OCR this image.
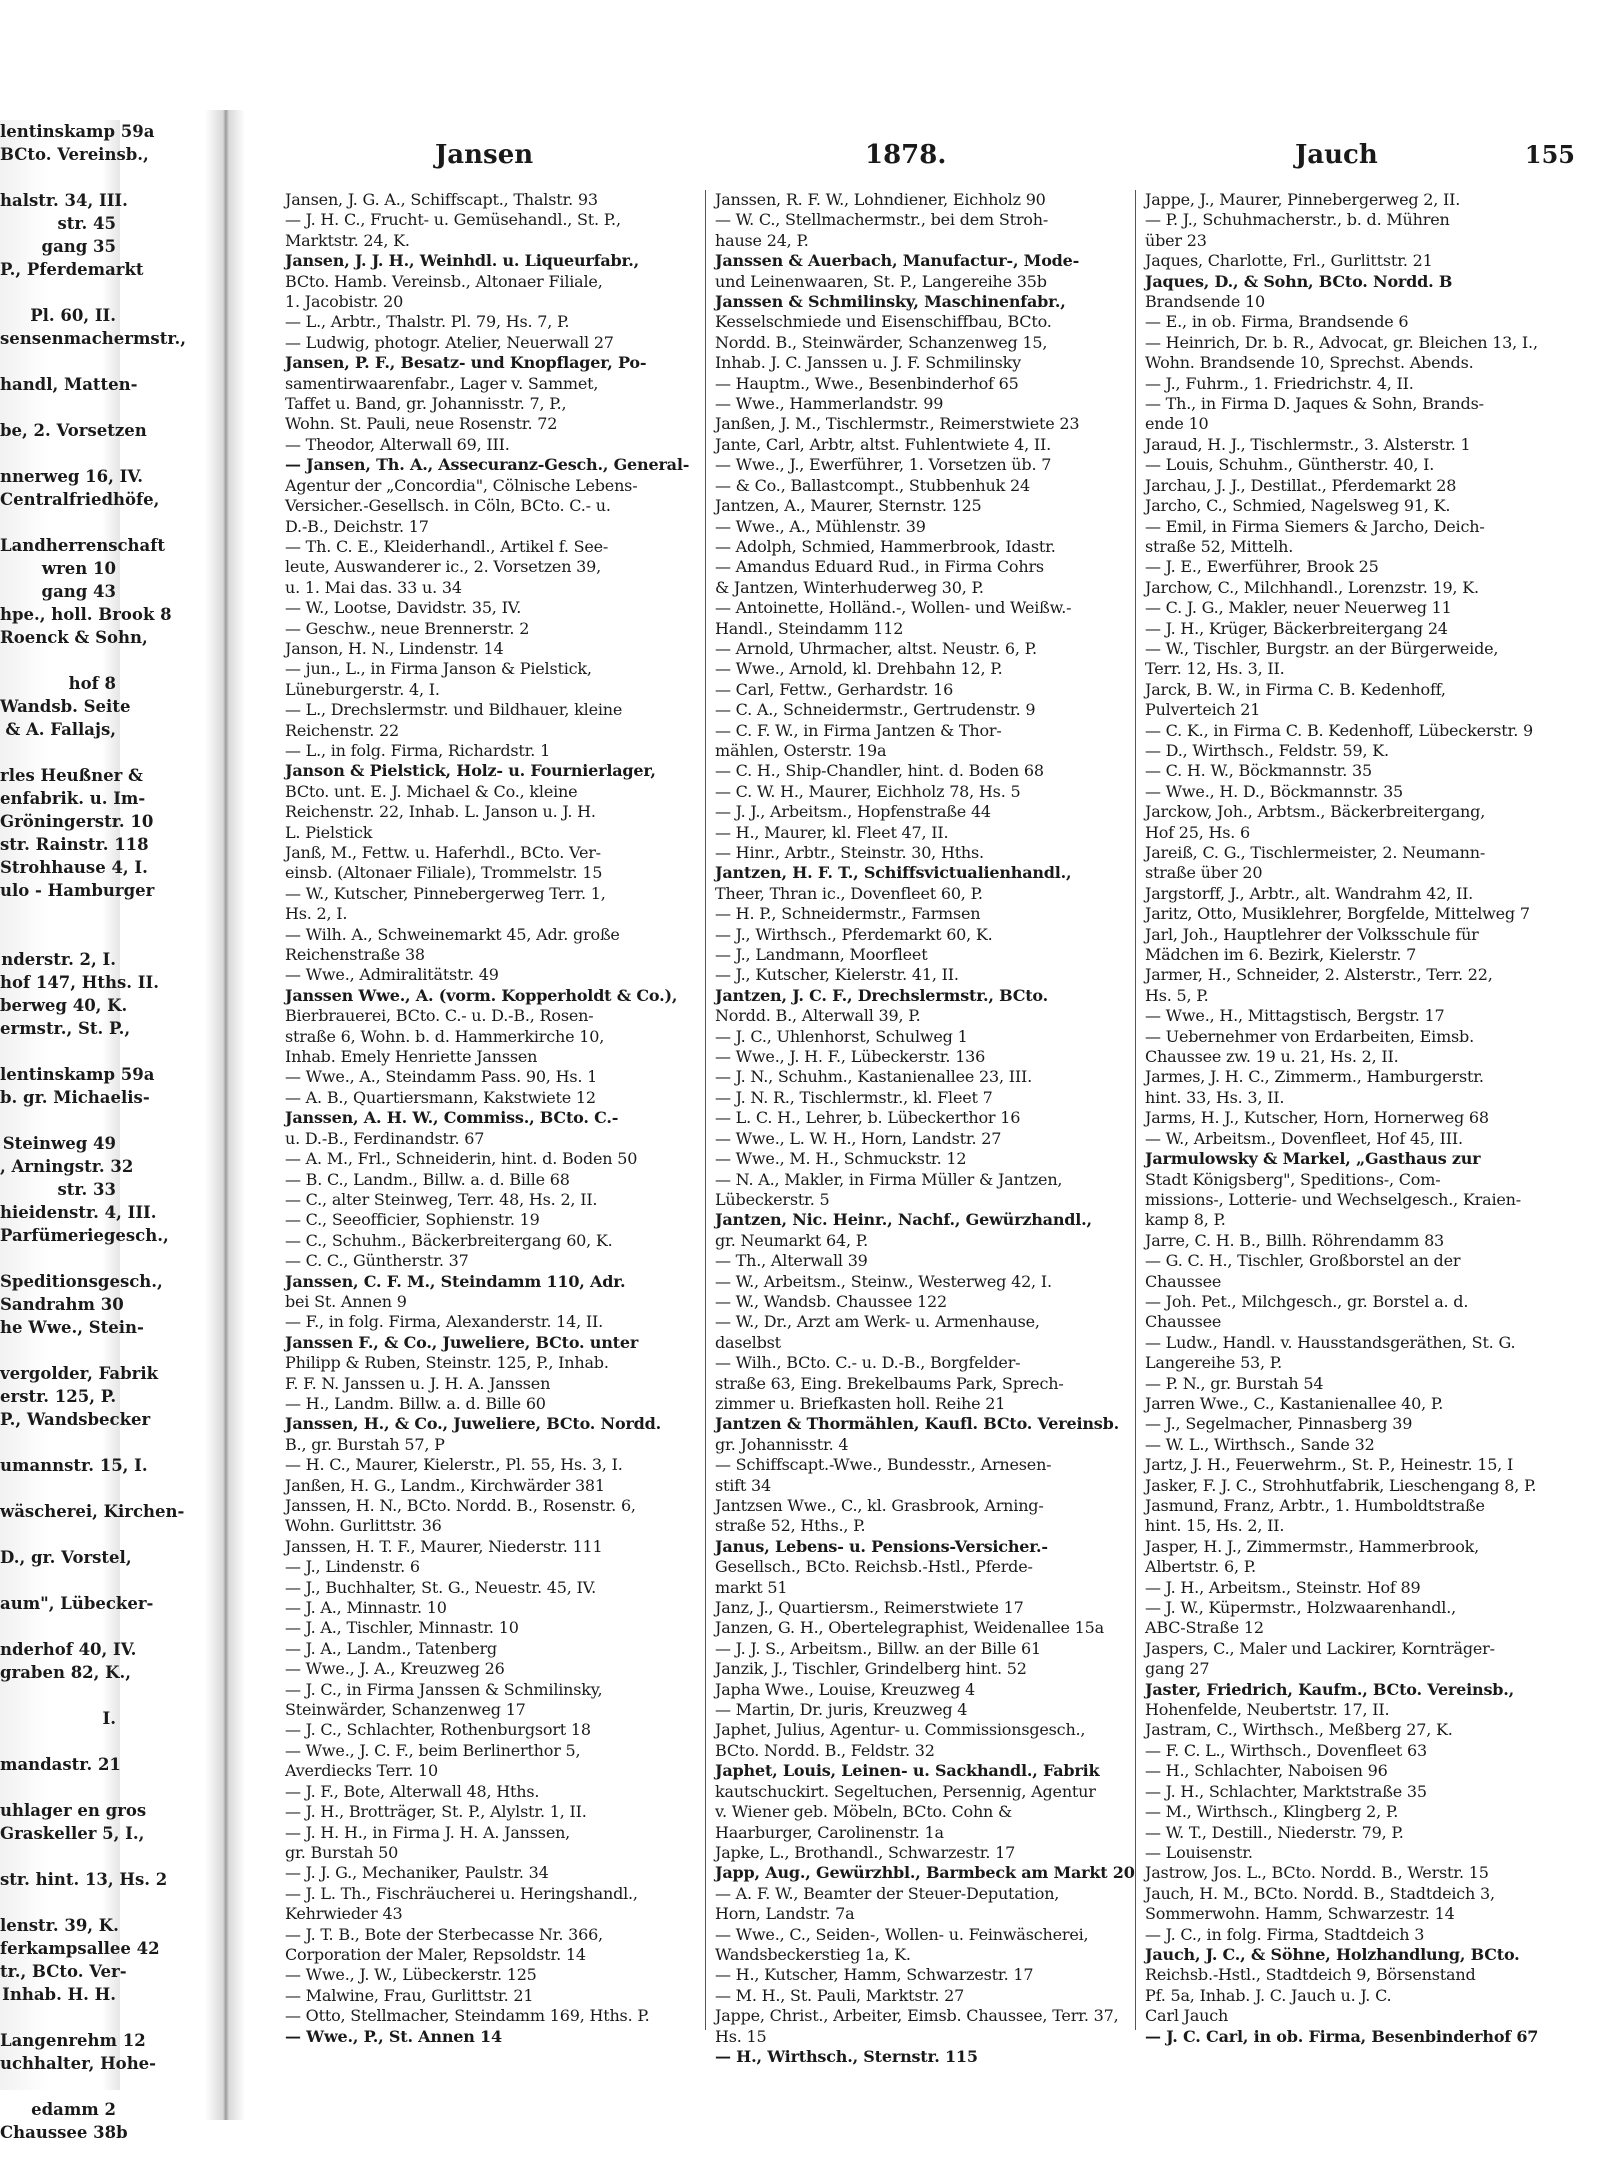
lentinskamp 59a
BCto. Vereinsb.,

halstr. 34, III.
str. 45
gang 35
P., Pferdemarkt

Pl. 60, II.
sensenmachermstr.,

handl, Matten-

be, 2. Vorsetzen

nnerweg 16, IV.
Centralfriedhöfe,

Landherrenschaft
wren 10
gang 43
hpe., holl. Brook 8
Roenck & Sohn,

hof 8
Wandsb. Seite
& A. Fallajs,

rles Heußner &
enfabrik. u. Im-
Gröningerstr. 10
str. Rainstr. 118
Strohhause 4, I.
ulo - Hamburger

nderstr. 2, I.
hof 147, Hths. II.
berweg 40, K.
ermstr., St. P.,

lentinskamp 59a
b. gr. Michaelis-

Steinweg 49
, Arningstr. 32
str. 33
hieidenstr. 4, III.
Parfümeriegesch.,

Speditionsgesch.,
Sandrahm 30
he Wwe., Stein-

vergolder, Fabrik
erstr. 125, P.
P., Wandsbecker

umannstr. 15, I.

wäscherei, Kirchen-

D., gr. Vorstel,

aum", Lübecker-

nderhof 40, IV.
graben 82, K.,

I.

mandastr. 21

uhlager en gros
Graskeller 5, I.,

str. hint. 13, Hs. 2

lenstr. 39, K.
ferkampsallee 42
tr., BCto. Ver-
Inhab. H. H.

Langenrehm 12
uchhalter, Hohe-

edamm 2
Chaussee 38b
Jansen	1878.	Jauch	155
Jansen, J. G. A., Schiffscapt., Thalstr. 93
— J. H. C., Frucht- u. Gemüsehandl., St. P.,
Marktstr. 24, K.
Jansen, J. J. H., Weinhdl. u. Liqueurfabr.,
BCto. Hamb. Vereinsb., Altonaer Filiale,
1. Jacobistr. 20
— L., Arbtr., Thalstr. Pl. 79, Hs. 7, P.
— Ludwig, photogr. Atelier, Neuerwall 27
Jansen, P. F., Besatz- und Knopflager, Po-
samentirwaarenfabr., Lager v. Sammet,
Taffet u. Band, gr. Johannisstr. 7, P.,
Wohn. St. Pauli, neue Rosenstr. 72
— Theodor, Alterwall 69, III.
— Jansen, Th. A., Assecuranz-Gesch., General-
Agentur der „Concordia", Cölnische Lebens-
Versicher.-Gesellsch. in Cöln, BCto. C.- u.
D.-B., Deichstr. 17
— Th. C. E., Kleiderhandl., Artikel f. See-
leute, Auswanderer ic., 2. Vorsetzen 39,
u. 1. Mai das. 33 u. 34
— W., Lootse, Davidstr. 35, IV.
— Geschw., neue Brennerstr. 2
Janson, H. N., Lindenstr. 14
— jun., L., in Firma Janson & Pielstick,
Lüneburgerstr. 4, I.
— L., Drechslermstr. und Bildhauer, kleine
Reichenstr. 22
— L., in folg. Firma, Richardstr. 1
Janson & Pielstick, Holz- u. Fournierlager,
BCto. unt. E. J. Michael & Co., kleine
Reichenstr. 22, Inhab. L. Janson u. J. H.
L. Pielstick
Janß, M., Fettw. u. Haferhdl., BCto. Ver-
einsb. (Altonaer Filiale), Trommelstr. 15
— W., Kutscher, Pinnebergerweg Terr. 1,
Hs. 2, I.
— Wilh. A., Schweinemarkt 45, Adr. große
Reichenstraße 38
— Wwe., Admiralitätstr. 49
Janssen Wwe., A. (vorm. Kopperholdt & Co.),
Bierbrauerei, BCto. C.- u. D.-B., Rosen-
straße 6, Wohn. b. d. Hammerkirche 10,
Inhab. Emely Henriette Janssen
— Wwe., A., Steindamm Pass. 90, Hs. 1
— A. B., Quartiersmann, Kakstwiete 12
Janssen, A. H. W., Commiss., BCto. C.-
u. D.-B., Ferdinandstr. 67
— A. M., Frl., Schneiderin, hint. d. Boden 50
— B. C., Landm., Billw. a. d. Bille 68
— C., alter Steinweg, Terr. 48, Hs. 2, II.
— C., Seeofficier, Sophienstr. 19
— C., Schuhm., Bäckerbreitergang 60, K.
— C. C., Güntherstr. 37
Janssen, C. F. M., Steindamm 110, Adr.
bei St. Annen 9
— F., in folg. Firma, Alexanderstr. 14, II.
Janssen F., & Co., Juweliere, BCto. unter
Philipp & Ruben, Steinstr. 125, P., Inhab.
F. F. N. Janssen u. J. H. A. Janssen
— H., Landm. Billw. a. d. Bille 60
Janssen, H., & Co., Juweliere, BCto. Nordd.
B., gr. Burstah 57, P
— H. C., Maurer, Kielerstr., Pl. 55, Hs. 3, I.
Janßen, H. G., Landm., Kirchwärder 381
Janssen, H. N., BCto. Nordd. B., Rosenstr. 6,
Wohn. Gurlittstr. 36
Janssen, H. T. F., Maurer, Niederstr. 111
— J., Lindenstr. 6
— J., Buchhalter, St. G., Neuestr. 45, IV.
— J. A., Minnastr. 10
— J. A., Tischler, Minnastr. 10
— J. A., Landm., Tatenberg
— Wwe., J. A., Kreuzweg 26
— J. C., in Firma Janssen & Schmilinsky,
Steinwärder, Schanzenweg 17
— J. C., Schlachter, Rothenburgsort 18
— Wwe., J. C. F., beim Berlinerthor 5,
Averdiecks Terr. 10
— J. F., Bote, Alterwall 48, Hths.
— J. H., Brotträger, St. P., Alylstr. 1, II.
— J. H. H., in Firma J. H. A. Janssen,
gr. Burstah 50
— J. J. G., Mechaniker, Paulstr. 34
— J. L. Th., Fischräucherei u. Heringshandl.,
Kehrwieder 43
— J. T. B., Bote der Sterbecasse Nr. 366,
Corporation der Maler, Repsoldstr. 14
— Wwe., J. W., Lübeckerstr. 125
— Malwine, Frau, Gurlittstr. 21
— Otto, Stellmacher, Steindamm 169, Hths. P.
— Wwe., P., St. Annen 14
Janssen, R. F. W., Lohndiener, Eichholz 90
— W. C., Stellmachermstr., bei dem Stroh-
hause 24, P.
Janssen & Auerbach, Manufactur-, Mode-
und Leinenwaaren, St. P., Langereihe 35b
Janssen & Schmilinsky, Maschinenfabr.,
Kesselschmiede und Eisenschiffbau, BCto.
Nordd. B., Steinwärder, Schanzenweg 15,
Inhab. J. C. Janssen u. J. F. Schmilinsky
— Hauptm., Wwe., Besenbinderhof 65
— Wwe., Hammerlandstr. 99
Janßen, J. M., Tischlermstr., Reimerstwiete 23
Jante, Carl, Arbtr, altst. Fuhlentwiete 4, II.
— Wwe., J., Ewerführer, 1. Vorsetzen üb. 7
— & Co., Ballastcompt., Stubbenhuk 24
Jantzen, A., Maurer, Sternstr. 125
— Wwe., A., Mühlenstr. 39
— Adolph, Schmied, Hammerbrook, Idastr.
— Amandus Eduard Rud., in Firma Cohrs
& Jantzen, Winterhuderweg 30, P.
— Antoinette, Holländ.-, Wollen- und Weißw.-
Handl., Steindamm 112
— Arnold, Uhrmacher, altst. Neustr. 6, P.
— Wwe., Arnold, kl. Drehbahn 12, P.
— Carl, Fettw., Gerhardstr. 16
— C. A., Schneidermstr., Gertrudenstr. 9
— C. F. W., in Firma Jantzen & Thor-
mählen, Osterstr. 19a
— C. H., Ship-Chandler, hint. d. Boden 68
— C. W. H., Maurer, Eichholz 78, Hs. 5
— J. J., Arbeitsm., Hopfenstraße 44
— H., Maurer, kl. Fleet 47, II.
— Hinr., Arbtr., Steinstr. 30, Hths.
Jantzen, H. F. T., Schiffsvictualienhandl.,
Theer, Thran ic., Dovenfleet 60, P.
— H. P., Schneidermstr., Farmsen
— J., Wirthsch., Pferdemarkt 60, K.
— J., Landmann, Moorfleet
— J., Kutscher, Kielerstr. 41, II.
Jantzen, J. C. F., Drechslermstr., BCto.
Nordd. B., Alterwall 39, P.
— J. C., Uhlenhorst, Schulweg 1
— Wwe., J. H. F., Lübeckerstr. 136
— J. N., Schuhm., Kastanienallee 23, III.
— J. N. R., Tischlermstr., kl. Fleet 7
— L. C. H., Lehrer, b. Lübeckerthor 16
— Wwe., L. W. H., Horn, Landstr. 27
— Wwe., M. H., Schmuckstr. 12
— N. A., Makler, in Firma Müller & Jantzen,
Lübeckerstr. 5
Jantzen, Nic. Heinr., Nachf., Gewürzhandl.,
gr. Neumarkt 64, P.
— Th., Alterwall 39
— W., Arbeitsm., Steinw., Westerweg 42, I.
— W., Wandsb. Chaussee 122
— W., Dr., Arzt am Werk- u. Armenhause,
daselbst
— Wilh., BCto. C.- u. D.-B., Borgfelder-
straße 63, Eing. Brekelbaums Park, Sprech-
zimmer u. Briefkasten holl. Reihe 21
Jantzen & Thormählen, Kaufl. BCto. Vereinsb.
gr. Johannisstr. 4
— Schiffscapt.-Wwe., Bundesstr., Arnesen-
stift 34
Jantzsen Wwe., C., kl. Grasbrook, Arning-
straße 52, Hths., P.
Janus, Lebens- u. Pensions-Versicher.-
Gesellsch., BCto. Reichsb.-Hstl., Pferde-
markt 51
Janz, J., Quartiersm., Reimerstwiete 17
Janzen, G. H., Obertelegraphist, Weidenallee 15a
— J. J. S., Arbeitsm., Billw. an der Bille 61
Janzik, J., Tischler, Grindelberg hint. 52
Japha Wwe., Louise, Kreuzweg 4
— Martin, Dr. juris, Kreuzweg 4
Japhet, Julius, Agentur- u. Commissionsgesch.,
BCto. Nordd. B., Feldstr. 32
Japhet, Louis, Leinen- u. Sackhandl., Fabrik
kautschuckirt. Segeltuchen, Persennig, Agentur
v. Wiener geb. Möbeln, BCto. Cohn &
Haarburger, Carolinenstr. 1a
Japke, L., Brothandl., Schwarzestr. 17
Japp, Aug., Gewürzhbl., Barmbeck am Markt 20
— A. F. W., Beamter der Steuer-Deputation,
Horn, Landstr. 7a
— Wwe., C., Seiden-, Wollen- u. Feinwäscherei,
Wandsbeckerstieg 1a, K.
— H., Kutscher, Hamm, Schwarzestr. 17
— M. H., St. Pauli, Marktstr. 27
Jappe, Christ., Arbeiter, Eimsb. Chaussee, Terr. 37,
Hs. 15
— H., Wirthsch., Sternstr. 115
Jappe, J., Maurer, Pinnebergerweg 2, II.
— P. J., Schuhmacherstr., b. d. Mühren
über 23
Jaques, Charlotte, Frl., Gurlittstr. 21
Jaques, D., & Sohn, BCto. Nordd. B
Brandsende 10
— E., in ob. Firma, Brandsende 6
— Heinrich, Dr. b. R., Advocat, gr. Bleichen 13, I.,
Wohn. Brandsende 10, Sprechst. Abends.
— J., Fuhrm., 1. Friedrichstr. 4, II.
— Th., in Firma D. Jaques & Sohn, Brands-
ende 10
Jaraud, H. J., Tischlermstr., 3. Alsterstr. 1
— Louis, Schuhm., Güntherstr. 40, I.
Jarchau, J. J., Destillat., Pferdemarkt 28
Jarcho, C., Schmied, Nagelsweg 91, K.
— Emil, in Firma Siemers & Jarcho, Deich-
straße 52, Mittelh.
— J. E., Ewerführer, Brook 25
Jarchow, C., Milchhandl., Lorenzstr. 19, K.
— C. J. G., Makler, neuer Neuerweg 11
— J. H., Krüger, Bäckerbreitergang 24
— W., Tischler, Burgstr. an der Bürgerweide,
Terr. 12, Hs. 3, II.
Jarck, B. W., in Firma C. B. Kedenhoff,
Pulverteich 21
— C. K., in Firma C. B. Kedenhoff, Lübeckerstr. 9
— D., Wirthsch., Feldstr. 59, K.
— C. H. W., Böckmannstr. 35
— Wwe., H. D., Böckmannstr. 35
Jarckow, Joh., Arbtsm., Bäckerbreitergang,
Hof 25, Hs. 6
Jareiß, C. G., Tischlermeister, 2. Neumann-
straße über 20
Jargstorff, J., Arbtr., alt. Wandrahm 42, II.
Jaritz, Otto, Musiklehrer, Borgfelde, Mittelweg 7
Jarl, Joh., Hauptlehrer der Volksschule für
Mädchen im 6. Bezirk, Kielerstr. 7
Jarmer, H., Schneider, 2. Alsterstr., Terr. 22,
Hs. 5, P.
— Wwe., H., Mittagstisch, Bergstr. 17
— Uebernehmer von Erdarbeiten, Eimsb.
Chaussee zw. 19 u. 21, Hs. 2, II.
Jarmes, J. H. C., Zimmerm., Hamburgerstr.
hint. 33, Hs. 3, II.
Jarms, H. J., Kutscher, Horn, Hornerweg 68
— W., Arbeitsm., Dovenfleet, Hof 45, III.
Jarmulowsky & Markel, „Gasthaus zur
Stadt Königsberg", Speditions-, Com-
missions-, Lotterie- und Wechselgesch., Kraien-
kamp 8, P.
Jarre, C. H. B., Billh. Röhrendamm 83
— G. C. H., Tischler, Großborstel an der
Chaussee
— Joh. Pet., Milchgesch., gr. Borstel a. d.
Chaussee
— Ludw., Handl. v. Hausstandsgeräthen, St. G.
Langereihe 53, P.
— P. N., gr. Burstah 54
Jarren Wwe., C., Kastanienallee 40, P.
— J., Segelmacher, Pinnasberg 39
— W. L., Wirthsch., Sande 32
Jartz, J. H., Feuerwehrm., St. P., Heinestr. 15, I
Jasker, F. J. C., Strohhutfabrik, Lieschengang 8, P.
Jasmund, Franz, Arbtr., 1. Humboldtstraße
hint. 15, Hs. 2, II.
Jasper, H. J., Zimmermstr., Hammerbrook,
Albertstr. 6, P.
— J. H., Arbeitsm., Steinstr. Hof 89
— J. W., Küpermstr., Holzwaarenhandl.,
ABC-Straße 12
Jaspers, C., Maler und Lackirer, Kornträger-
gang 27
Jaster, Friedrich, Kaufm., BCto. Vereinsb.,
Hohenfelde, Neubertstr. 17, II.
Jastram, C., Wirthsch., Meßberg 27, K.
— F. C. L., Wirthsch., Dovenfleet 63
— H., Schlachter, Naboisen 96
— J. H., Schlachter, Marktstraße 35
— M., Wirthsch., Klingberg 2, P.
— W. T., Destill., Niederstr. 79, P.
— Louisenstr.
Jastrow, Jos. L., BCto. Nordd. B., Werstr. 15
Jauch, H. M., BCto. Nordd. B., Stadtdeich 3,
Sommerwohn. Hamm, Schwarzestr. 14
— J. C., in folg. Firma, Stadtdeich 3
Jauch, J. C., & Söhne, Holzhandlung, BCto.
Reichsb.-Hstl., Stadtdeich 9, Börsenstand
Pf. 5a, Inhab. J. C. Jauch u. J. C.
Carl Jauch
— J. C. Carl, in ob. Firma, Besenbinderhof 67
